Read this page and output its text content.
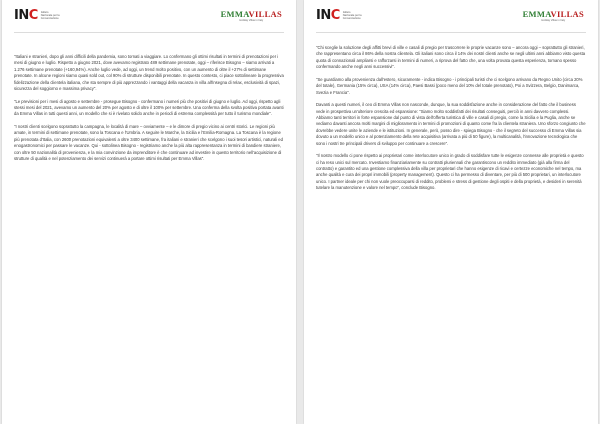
INC Istituto
Nazionale per la
Comunicazione	EMMAVILLAS
Holiday Villas in Italy

"Italiani e stranieri, dopo gli anni difficili della pandemia, sono tornati a viaggiare. Lo confermano gli ottimi risultati in termini di prenotazioni per i mesi di giugno e luglio. Rispetto a giugno 2021, dove avevamo registrato 489 settimane prenotate, oggi – riferisce Bisogno – siamo arrivati a 1.276 settimane prenotate (+160,94%). Anche luglio vede, ad oggi, un trend molto positivo, con un aumento di oltre il +27% di settimane prenotate. In alcune regioni siamo quasi sold out, col 90% di strutture disponibili prenotate. In questo contesto, ci piace sottolineare la progressiva fidelizzazione della clientela italiana, che sta sempre di più apprezzando i vantaggi della vacanza in villa all'insegna di relax, esclusività di spazi, sicurezza del soggiorno e massima privacy".

"Le previsioni per i mesi di agosto e settembre - prosegue Bisogno - confermano i numeri più che positivi di giugno e luglio. Ad oggi, rispetto agli stessi mesi del 2021, avevamo un aumento del 20% per agosto e di oltre il 100% per settembre. Una conferma della svolta positiva portata avanti da Emma Villas in tutti questi anni, un modello che si è rivelato solido anche in periodi di estrema complessità per tutto il turismo mondiale".

"I nostri clienti scelgono soprattutto la campagna, le località di mare – ovviamente – e le dimore di pregio vicino ai centri storici. Le regioni più amate, in termini di settimane prenotate, sono la Toscana e l'Umbria. A seguire le Marche, la Sicilia e l'Emilia-Romagna. La Toscana è la regione più prenotata d'Italia, con 2600 prenotazioni equivalenti a oltre 3400 settimane, fra italiani e stranieri che scelgono i suoi tesori artistici, naturali ed enogastronomici per passare le vacanze. Qui - sottolinea Bisogno - registriamo anche la più alta rappresentanza in termini di bandiere straniere, con oltre 50 nazionalità di provenienza, e la mia convinzione da imprenditore è che continuare ad investire in questo territorio nell'acquisizione di strutture di qualità e nel potenziamento dei servizi continuerà a portare ottimi risultati per Emma Villas".

INC Istituto
Nazionale per la
Comunicazione	EMMAVILLAS
Holiday Villas in Italy

"Chi sceglie la soluzione degli affitti brevi di ville e casali di pregio per trascorrere le proprie vacanze sono – ancora oggi – soprattutto gli stranieri, che rappresentano circa il 86% della nostra clientela. Gli italiani sono circa il 14% dei nostri clienti anche se negli ultimi anni abbiamo visto questa quota di connazionali ampliarsi e rafforzarsi in termini di numeri, a riprova del fatto che, una volta provata questa esperienza, tornano spesso confermando anche negli anni successivi".

"Se guardiamo alla provenienza dall'estero, sicuramente - indica Bisogno - i principali turisti che ci scelgono arrivano da Regno Unito (circa 20% del totale), Germania (15% circa), USA (14% circa), Paesi Bassi (poco meno del 10% del totale prenotato), Poi a Svizzera, Belgio, Danimarca, Svezia e Francia".

Davanti a questi numeri, il ceo di Emma Villas non nasconde, dunque, la sua soddisfazione anche in considerazione del fatto che il business vede in prospettiva un'ulteriore crescita ed espansione: "Siamo molto soddisfatti dei risultati conseguiti, perciò in anni davvero complessi. Abbiamo tanti territori in forte espansione dal punto di vista dell'offerta turistica di ville e casali di pregio, come la Sicilia e la Puglia, anche se vediamo davanti ancora molti margini di miglioramento in termini di promozioni di quanto come fra la clientela straniera. Uno sforzo congiunto che dovrebbe vedere unite le aziende e le istituzioni. In generale, però, posso dire - spiega Bisogno - che il segreto del successo di Emma Villas sia dovuto a un modello unico e al potenziamento della rete acquisitiva (arrivata a più di 50 figure), la multicanalità, l'innovazione tecnologica che sono i nostri tre principali drivers di sviluppo per continuare a crescere".

"Il nostro modello ci pone rispetto ai proprietari come interlocutore unico in grado di soddisfare tutte le esigenze connesse alle proprietà e questo ci ha reso unici sul mercato. Investiamo finanziariamente su contratti pluriennali che garantiscono un reddito immediato (già alla firma del contratto) e garantito ed una gestione complessiva della villa per proprietari che hanno esigenze di ricavi e certezze economiche nel tempo, ma anche qualità e cura dei propri immobili (property management). Questo ci ha permesso di diventare, per più di 500 proprietari, un interlocutore unico. I partner ideale per chi non vuole preoccuparsi di reddito, problemi e stress di gestione degli ospiti e della proprietà, e desideri in serenità tutelare la manutenzione e valore nel tempo", conclude Bisogno.
